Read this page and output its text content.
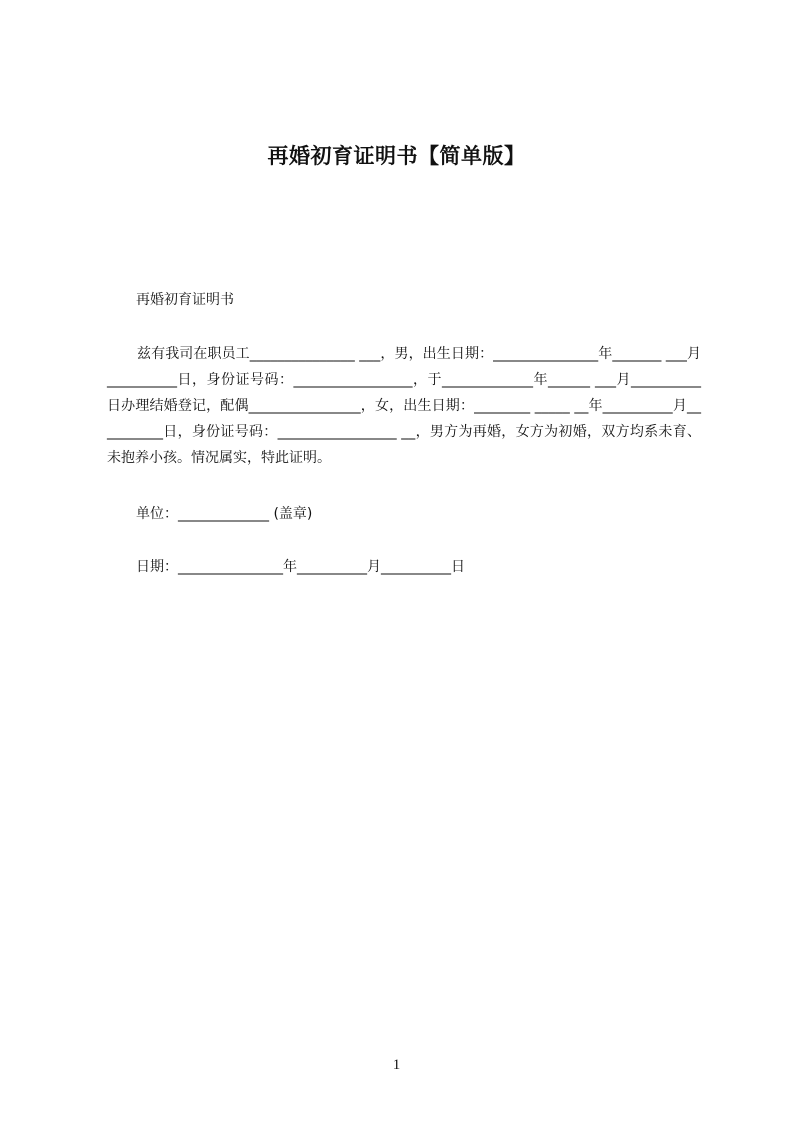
再婚初育证明书【简单版】
再婚初育证明书
兹有我司在职员工_______________ ___，男，出生日期：_______________年_______ ___月__________日，身份证号码：_________________，于_____________年______ ___月__________日办理结婚登记，配偶________________，女，出生日期：________ _____ __年__________月__________日，身份证号码：_________________ __，男方为再婚，女方为初婚，双方均系未育、未抱养小孩。情况属实，特此证明。
单位：_____________ (盖章)
日期：_______________年__________月__________日
1
